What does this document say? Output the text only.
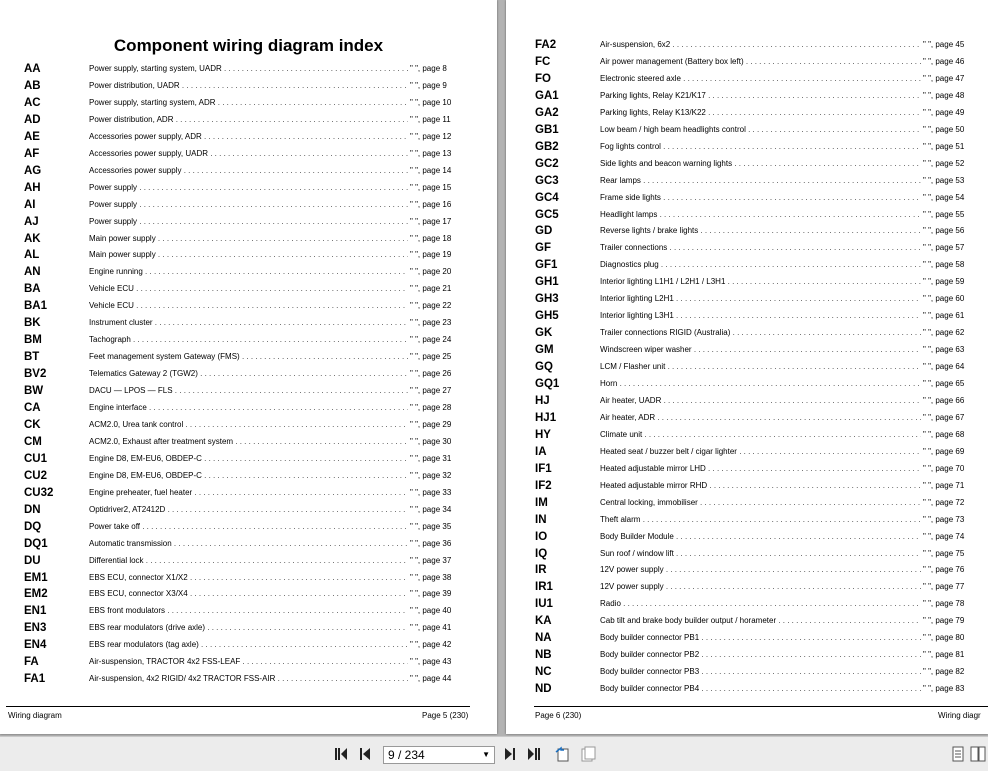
Component wiring diagram index
AA	Power supply, starting system, UADR . . .	" ", page 8
AB	Power distribution, UADR . . .	" ", page 9
AC	Power supply, starting system, ADR . . .	" ", page 10
AD	Power distribution, ADR . . .	" ", page 11
AE	Accessories power supply, ADR . . .	" ", page 12
AF	Accessories power supply, UADR . . .	" ", page 13
AG	Accessories power supply . . .	" ", page 14
AH	Power supply . . .	" ", page 15
AI	Power supply . . .	" ", page 16
AJ	Power supply . . .	" ", page 17
AK	Main power supply . . .	" ", page 18
AL	Main power supply . . .	" ", page 19
AN	Engine running . . .	" ", page 20
BA	Vehicle ECU . . .	" ", page 21
BA1	Vehicle ECU . . .	" ", page 22
BK	Instrument cluster . . .	" ", page 23
BM	Tachograph . . .	" ", page 24
BT	Feet management system Gateway (FMS) . . .	" ", page 25
BV2	Telematics Gateway 2 (TGW2) . . .	" ", page 26
BW	DACU — LPOS — FLS . . .	" ", page 27
CA	Engine interface . . .	" ", page 28
CK	ACM2.0, Urea tank control . . .	" ", page 29
CM	ACM2.0, Exhaust after treatment system . . .	" ", page 30
CU1	Engine D8, EM-EU6, OBDEP-C . . .	" ", page 31
CU2	Engine D8, EM-EU6, OBDEP-C . . .	" ", page 32
CU32	Engine preheater, fuel heater . . .	" ", page 33
DN	Optidriver2, AT2412D . . .	" ", page 34
DQ	Power take off . . .	" ", page 35
DQ1	Automatic transmission . . .	" ", page 36
DU	Differential lock . . .	" ", page 37
EM1	EBS ECU, connector X1/X2 . . .	" ", page 38
EM2	EBS ECU, connector X3/X4 . . .	" ", page 39
EN1	EBS front modulators . . .	" ", page 40
EN3	EBS rear modulators (drive axle) . . .	" ", page 41
EN4	EBS rear modulators (tag axle) . . .	" ", page 42
FA	Air-suspension, TRACTOR 4x2 FSS-LEAF . . .	" ", page 43
FA1	Air-suspension, 4x2 RIGID/ 4x2 TRACTOR FSS-AIR . . .	" ", page 44
Wiring diagram	Page 5 (230)
FA2	Air-suspension, 6x2 . . .	" ", page 45
FC	Air power management (Battery box left) . . .	" ", page 46
FO	Electronic steered axle . . .	" ", page 47
GA1	Parking lights, Relay K21/K17 . . .	" ", page 48
GA2	Parking lights, Relay K13/K22 . . .	" ", page 49
GB1	Low beam / high beam headlights control . . .	" ", page 50
GB2	Fog lights control . . .	" ", page 51
GC2	Side lights and beacon warning lights . . .	" ", page 52
GC3	Rear lamps . . .	" ", page 53
GC4	Frame side lights . . .	" ", page 54
GC5	Headlight lamps . . .	" ", page 55
GD	Reverse lights / brake lights . . .	" ", page 56
GF	Trailer connections . . .	" ", page 57
GF1	Diagnostics plug . . .	" ", page 58
GH1	Interior lighting L1H1 / L2H1 / L3H1 . . .	" ", page 59
GH3	Interior lighting L2H1 . . .	" ", page 60
GH5	Interior lighting L3H1 . . .	" ", page 61
GK	Trailer connections RIGID (Australia) . . .	" ", page 62
GM	Windscreen wiper washer . . .	" ", page 63
GQ	LCM / Flasher unit . . .	" ", page 64
GQ1	Horn . . .	" ", page 65
HJ	Air heater, UADR . . .	" ", page 66
HJ1	Air heater, ADR . . .	" ", page 67
HY	Climate unit . . .	" ", page 68
IA	Heated seat / buzzer belt / cigar lighter . . .	" ", page 69
IF1	Heated adjustable mirror LHD . . .	" ", page 70
IF2	Heated adjustable mirror RHD . . .	" ", page 71
IM	Central locking, immobiliser . . .	" ", page 72
IN	Theft alarm . . .	" ", page 73
IO	Body Builder Module . . .	" ", page 74
IQ	Sun roof / window lift . . .	" ", page 75
IR	12V power supply . . .	" ", page 76
IR1	12V power supply . . .	" ", page 77
IU1	Radio . . .	" ", page 78
KA	Cab tilt and brake body builder output / horameter . . .	" ", page 79
NA	Body builder connector PB1 . . .	" ", page 80
NB	Body builder connector PB2 . . .	" ", page 81
NC	Body builder connector PB3 . . .	" ", page 82
ND	Body builder connector PB4 . . .	" ", page 83
Page 6 (230)	Wiring diagr
9 / 234	▼
